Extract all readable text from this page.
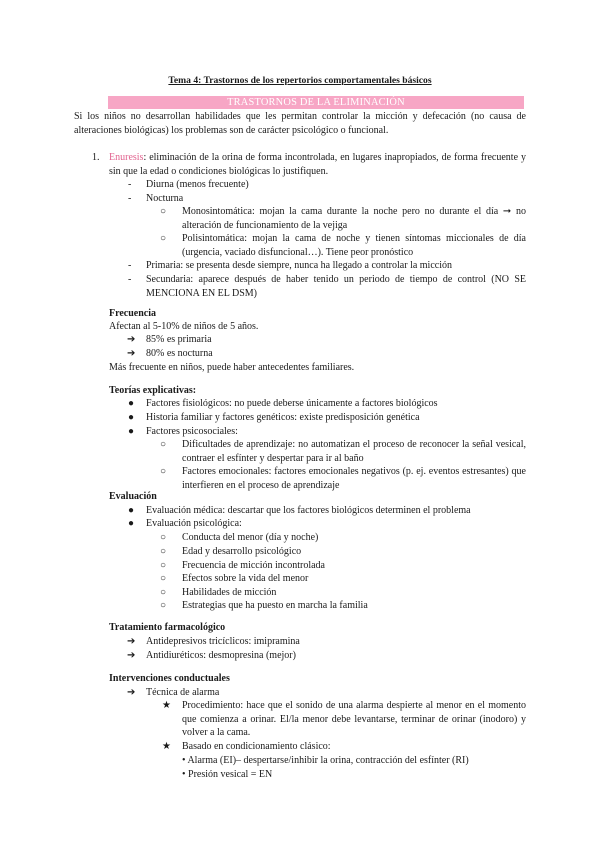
Tema 4: Trastornos de los repertorios comportamentales básicos
TRASTORNOS DE LA ELIMINACIÓN
Si los niños no desarrollan habilidades que les permitan controlar la micción y defecación (no causa de alteraciones biológicas) los problemas son de carácter psicológico o funcional.
1. Enuresis: eliminación de la orina de forma incontrolada, en lugares inapropiados, de forma frecuente y sin que la edad o condiciones biológicas lo justifiquen.
- Diurna (menos frecuente)
- Nocturna
○ Monosintomática: mojan la cama durante la noche pero no durante el día ➞ no alteración de funcionamiento de la vejiga
○ Polisintomática: mojan la cama de noche y tienen síntomas miccionales de día (urgencia, vaciado disfuncional…). Tiene peor pronóstico
- Primaria: se presenta desde siempre, nunca ha llegado a controlar la micción
- Secundaria: aparece después de haber tenido un periodo de tiempo de control (NO SE MENCIONA EN EL DSM)
Frecuencia
Afectan al 5-10% de niños de 5 años.
➔ 85% es primaria
➔ 80% es nocturna
Más frecuente en niños, puede haber antecedentes familiares.
Teorías explicativas:
● Factores fisiológicos: no puede deberse únicamente a factores biológicos
● Historia familiar y factores genéticos: existe predisposición genética
● Factores psicosociales:
○ Dificultades de aprendizaje: no automatizan el proceso de reconocer la señal vesical, contraer el esfínter y despertar para ir al baño
○ Factores emocionales: factores emocionales negativos (p. ej. eventos estresantes) que interfieren en el proceso de aprendizaje
Evaluación
● Evaluación médica: descartar que los factores biológicos determinen el problema
● Evaluación psicológica:
○ Conducta del menor (día y noche)
○ Edad y desarrollo psicológico
○ Frecuencia de micción incontrolada
○ Efectos sobre la vida del menor
○ Habilidades de micción
○ Estrategias que ha puesto en marcha la familia
Tratamiento farmacológico
➔ Antidepresivos tricíclicos: imipramina
➔ Antidiuréticos: desmopresina (mejor)
Intervenciones conductuales
➔ Técnica de alarma
★ Procedimiento: hace que el sonido de una alarma despierte al menor en el momento que comienza a orinar. El/la menor debe levantarse, terminar de orinar (inodoro) y volver a la cama.
★ Basado en condicionamiento clásico:
• Alarma (EI)– despertarse/inhibir la orina, contracción del esfínter (RI)
• Presión vesical = EN
